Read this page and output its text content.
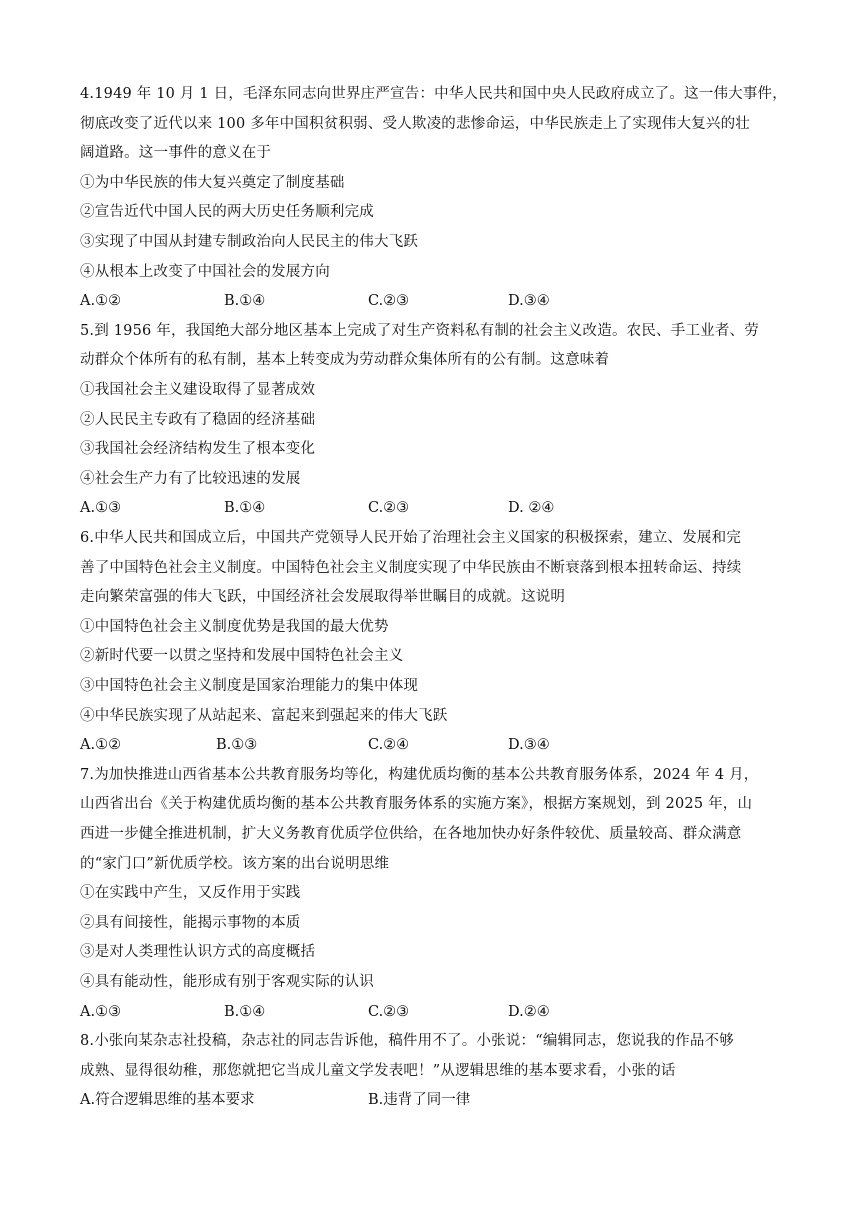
4.1949 年 10 月 1 日，毛泽东同志向世界庄严宣告：中华人民共和国中央人民政府成立了。这一伟大事件，
彻底改变了近代以来 100 多年中国积贫积弱、受人欺凌的悲惨命运，中华民族走上了实现伟大复兴的壮
阔道路。这一事件的意义在于
①为中华民族的伟大复兴奠定了制度基础
②宣告近代中国人民的两大历史任务顺利完成
③实现了中国从封建专制政治向人民民主的伟大飞跃
④从根本上改变了中国社会的发展方向
A.①②	B.①④	C.②③	D.③④
5.到 1956 年，我国绝大部分地区基本上完成了对生产资料私有制的社会主义改造。农民、手工业者、劳
动群众个体所有的私有制，基本上转变成为劳动群众集体所有的公有制。这意味着
①我国社会主义建设取得了显著成效
②人民民主专政有了稳固的经济基础
③我国社会经济结构发生了根本变化
④社会生产力有了比较迅速的发展
A.①③	B.①④	C.②③	D. ②④
6.中华人民共和国成立后，中国共产党领导人民开始了治理社会主义国家的积极探索，建立、发展和完
善了中国特色社会主义制度。中国特色社会主义制度实现了中华民族由不断衰落到根本扭转命运、持续
走向繁荣富强的伟大飞跃，中国经济社会发展取得举世瞩目的成就。这说明
①中国特色社会主义制度优势是我国的最大优势
②新时代要一以贯之坚持和发展中国特色社会主义
③中国特色社会主义制度是国家治理能力的集中体现
④中华民族实现了从站起来、富起来到强起来的伟大飞跃
A.①②	B.①③	C.②④	D.③④
7.为加快推进山西省基本公共教育服务均等化，构建优质均衡的基本公共教育服务体系，2024 年 4 月，
山西省出台《关于构建优质均衡的基本公共教育服务体系的实施方案》，根据方案规划，到 2025 年，山
西进一步健全推进机制，扩大义务教育优质学位供给，在各地加快办好条件较优、质量较高、群众满意
的“家门口”新优质学校。该方案的出台说明思维
①在实践中产生，又反作用于实践
②具有间接性，能揭示事物的本质
③是对人类理性认识方式的高度概括
④具有能动性，能形成有别于客观实际的认识
A.①③	B.①④	C.②③	D.②④
8.小张向某杂志社投稿，杂志社的同志告诉他，稿件用不了。小张说：“编辑同志，您说我的作品不够
成熟、显得很幼稚，那您就把它当成儿童文学发表吧！”从逻辑思维的基本要求看，小张的话
A.符合逻辑思维的基本要求	B.违背了同一律
